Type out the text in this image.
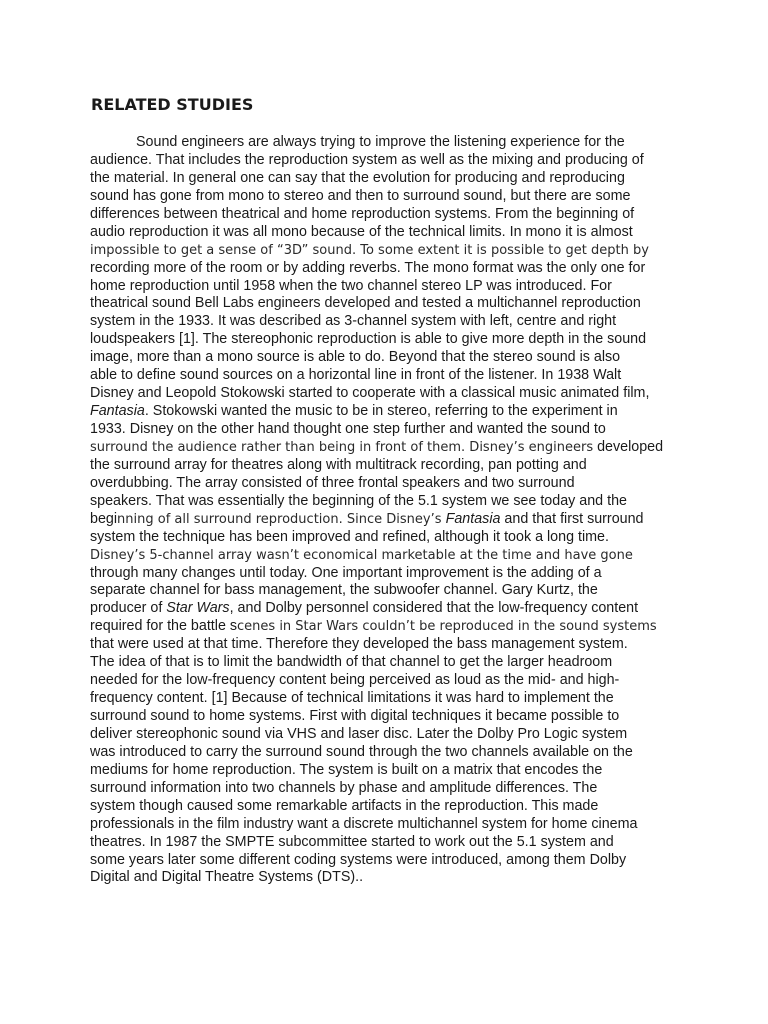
RELATED STUDIES
Sound engineers are always trying to improve the listening experience for the
audience. That includes the reproduction system as well as the mixing and producing of
the material. In general one can say that the evolution for producing and reproducing
sound has gone from mono to stereo and then to surround sound, but there are some
differences between theatrical and home reproduction systems. From the beginning of
audio reproduction it was all mono because of the technical limits. In mono it is almost
impossible to get a sense of “3D” sound. To some extent it is possible to get depth by
recording more of the room or by adding reverbs. The mono format was the only one for
home reproduction until 1958 when the two channel stereo LP was introduced. For
theatrical sound Bell Labs engineers developed and tested a multichannel reproduction
system in the 1933. It was described as 3-channel system with left, centre and right
loudspeakers [1]. The stereophonic reproduction is able to give more depth in the sound
image, more than a mono source is able to do. Beyond that the stereo sound is also
able to define sound sources on a horizontal line in front of the listener. In 1938 Walt
Disney and Leopold Stokowski started to cooperate with a classical music animated film,
Fantasia. Stokowski wanted the music to be in stereo, referring to the experiment in
1933. Disney on the other hand thought one step further and wanted the sound to
surround the audience rather than being in front of them. Disney’s engineers developed
the surround array for theatres along with multitrack recording, pan potting and
overdubbing. The array consisted of three frontal speakers and two surround
speakers. That was essentially the beginning of the 5.1 system we see today and the
beginning of all surround reproduction. Since Disney’s Fantasia and that first surround
system the technique has been improved and refined, although it took a long time.
Disney’s 5-channel array wasn’t economical marketable at the time and have gone
through many changes until today. One important improvement is the adding of a
separate channel for bass management, the subwoofer channel. Gary Kurtz, the
producer of Star Wars, and Dolby personnel considered that the low-frequency content
required for the battle scenes in Star Wars couldn’t be reproduced in the sound systems
that were used at that time. Therefore they developed the bass management system.
The idea of that is to limit the bandwidth of that channel to get the larger headroom
needed for the low-frequency content being perceived as loud as the mid- and high-
frequency content. [1] Because of technical limitations it was hard to implement the
surround sound to home systems. First with digital techniques it became possible to
deliver stereophonic sound via VHS and laser disc. Later the Dolby Pro Logic system
was introduced to carry the surround sound through the two channels available on the
mediums for home reproduction. The system is built on a matrix that encodes the
surround information into two channels by phase and amplitude differences. The
system though caused some remarkable artifacts in the reproduction. This made
professionals in the film industry want a discrete multichannel system for home cinema
theatres. In 1987 the SMPTE subcommittee started to work out the 5.1 system and
some years later some different coding systems were introduced, among them Dolby
Digital and Digital Theatre Systems (DTS)..
